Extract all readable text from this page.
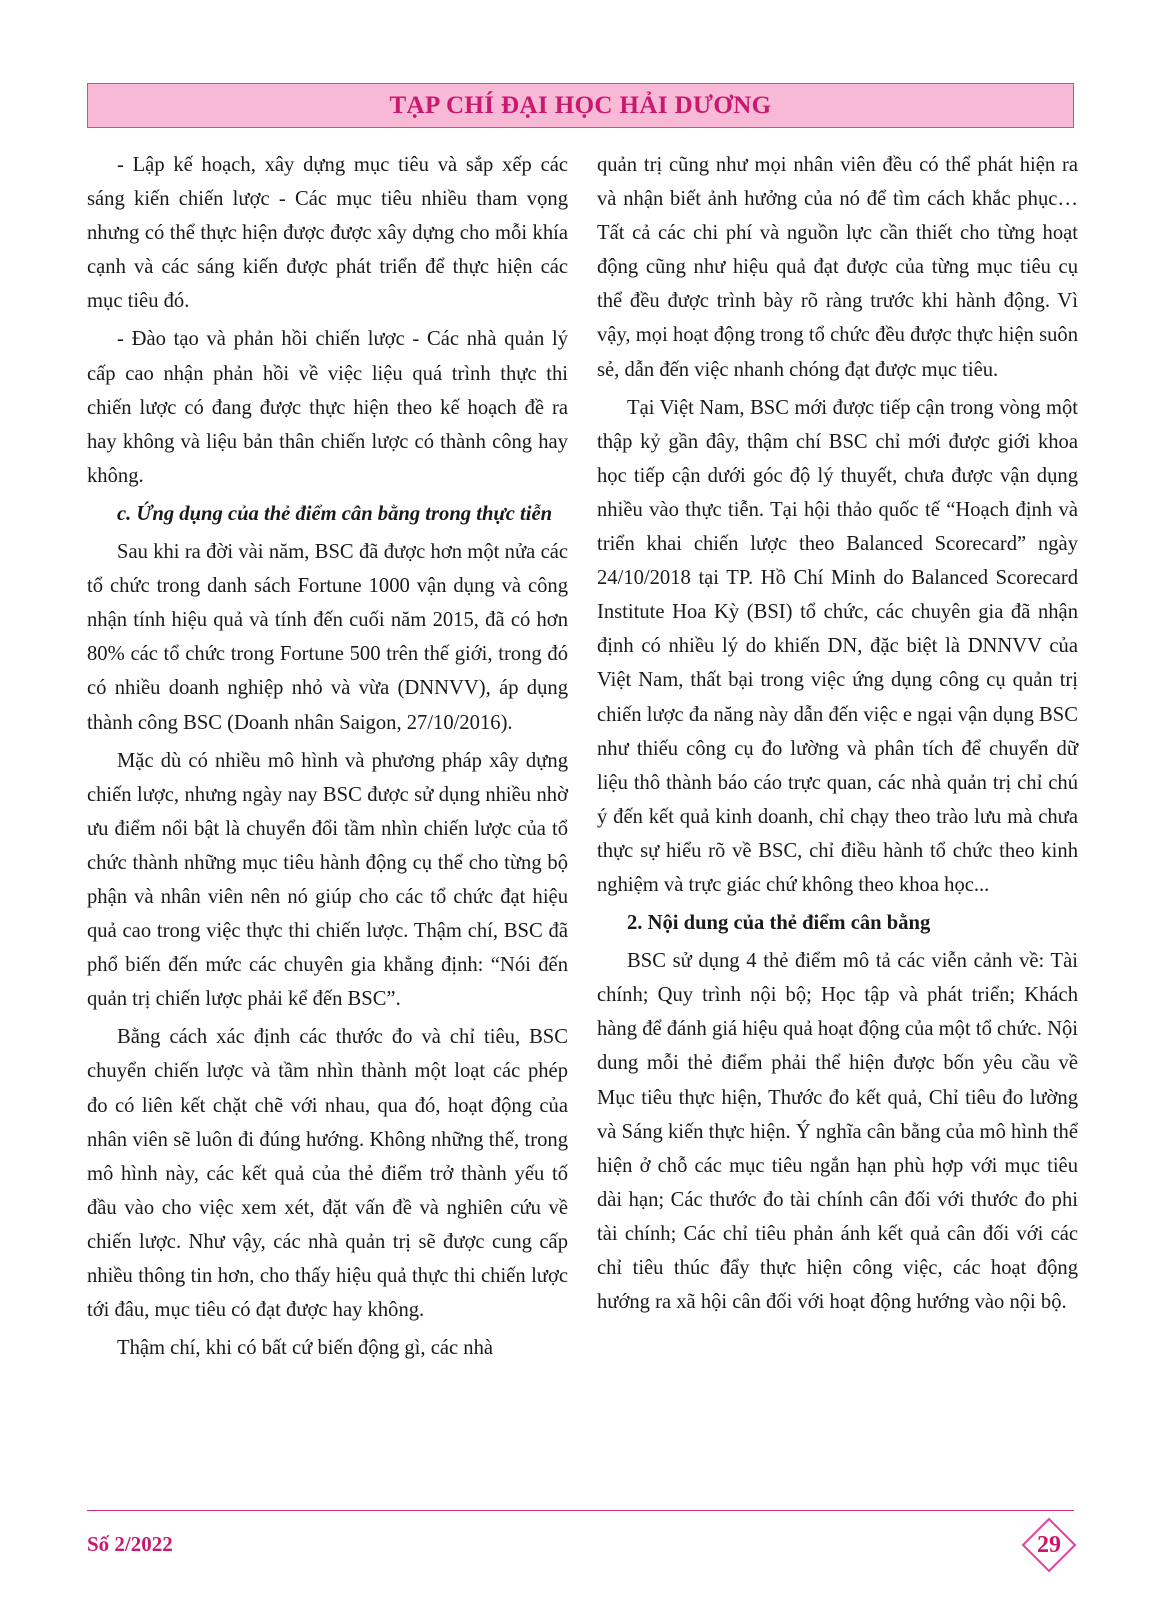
TẠP CHÍ ĐẠI HỌC HẢI DƯƠNG

- Lập kế hoạch, xây dựng mục tiêu và sắp xếp các sáng kiến chiến lược - Các mục tiêu nhiều tham vọng nhưng có thể thực hiện được được xây dựng cho mỗi khía cạnh và các sáng kiến được phát triển để thực hiện các mục tiêu đó.

- Đào tạo và phản hồi chiến lược - Các nhà quản lý cấp cao nhận phản hồi về việc liệu quá trình thực thi chiến lược có đang được thực hiện theo kế hoạch đề ra hay không và liệu bản thân chiến lược có thành công hay không.

c. Ứng dụng của thẻ điểm cân bằng trong thực tiễn

Sau khi ra đời vài năm, BSC đã được hơn một nửa các tổ chức trong danh sách Fortune 1000 vận dụng và công nhận tính hiệu quả và tính đến cuối năm 2015, đã có hơn 80% các tổ chức trong Fortune 500 trên thế giới, trong đó có nhiều doanh nghiệp nhỏ và vừa (DNNVV), áp dụng thành công BSC (Doanh nhân Saigon, 27/10/2016).

Mặc dù có nhiều mô hình và phương pháp xây dựng chiến lược, nhưng ngày nay BSC được sử dụng nhiều nhờ ưu điểm nổi bật là chuyển đổi tầm nhìn chiến lược của tổ chức thành những mục tiêu hành động cụ thể cho từng bộ phận và nhân viên nên nó giúp cho các tổ chức đạt hiệu quả cao trong việc thực thi chiến lược. Thậm chí, BSC đã phổ biến đến mức các chuyên gia khẳng định: “Nói đến quản trị chiến lược phải kể đến BSC”.

Bằng cách xác định các thước đo và chỉ tiêu, BSC chuyển chiến lược và tầm nhìn thành một loạt các phép đo có liên kết chặt chẽ với nhau, qua đó, hoạt động của nhân viên sẽ luôn đi đúng hướng. Không những thế, trong mô hình này, các kết quả của thẻ điểm trở thành yếu tố đầu vào cho việc xem xét, đặt vấn đề và nghiên cứu về chiến lược. Như vậy, các nhà quản trị sẽ được cung cấp nhiều thông tin hơn, cho thấy hiệu quả thực thi chiến lược tới đâu, mục tiêu có đạt được hay không.

Thậm chí, khi có bất cứ biến động gì, các nhà

quản trị cũng như mọi nhân viên đều có thể phát hiện ra và nhận biết ảnh hưởng của nó để tìm cách khắc phục… Tất cả các chi phí và nguồn lực cần thiết cho từng hoạt động cũng như hiệu quả đạt được của từng mục tiêu cụ thể đều được trình bày rõ ràng trước khi hành động. Vì vậy, mọi hoạt động trong tổ chức đều được thực hiện suôn sẻ, dẫn đến việc nhanh chóng đạt được mục tiêu.

Tại Việt Nam, BSC mới được tiếp cận trong vòng một thập kỷ gần đây, thậm chí BSC chỉ mới được giới khoa học tiếp cận dưới góc độ lý thuyết, chưa được vận dụng nhiều vào thực tiễn. Tại hội thảo quốc tế “Hoạch định và triển khai chiến lược theo Balanced Scorecard” ngày 24/10/2018 tại TP. Hồ Chí Minh do Balanced Scorecard Institute Hoa Kỳ (BSI) tổ chức, các chuyên gia đã nhận định có nhiều lý do khiến DN, đặc biệt là DNNVV của Việt Nam, thất bại trong việc ứng dụng công cụ quản trị chiến lược đa năng này dẫn đến việc e ngại vận dụng BSC như thiếu công cụ đo lường và phân tích để chuyển dữ liệu thô thành báo cáo trực quan, các nhà quản trị chỉ chú ý đến kết quả kinh doanh, chỉ chạy theo trào lưu mà chưa thực sự hiểu rõ về BSC, chỉ điều hành tổ chức theo kinh nghiệm và trực giác chứ không theo khoa học...

2. Nội dung của thẻ điểm cân bằng

BSC sử dụng 4 thẻ điểm mô tả các viễn cảnh về: Tài chính; Quy trình nội bộ; Học tập và phát triển; Khách hàng để đánh giá hiệu quả hoạt động của một tổ chức. Nội dung mỗi thẻ điểm phải thể hiện được bốn yêu cầu về Mục tiêu thực hiện, Thước đo kết quả, Chỉ tiêu đo lường và Sáng kiến thực hiện. Ý nghĩa cân bằng của mô hình thể hiện ở chỗ các mục tiêu ngắn hạn phù hợp với mục tiêu dài hạn; Các thước đo tài chính cân đối với thước đo phi tài chính; Các chỉ tiêu phản ánh kết quả cân đối với các chỉ tiêu thúc đẩy thực hiện công việc, các hoạt động hướng ra xã hội cân đối với hoạt động hướng vào nội bộ.

Số 2/2022	29
